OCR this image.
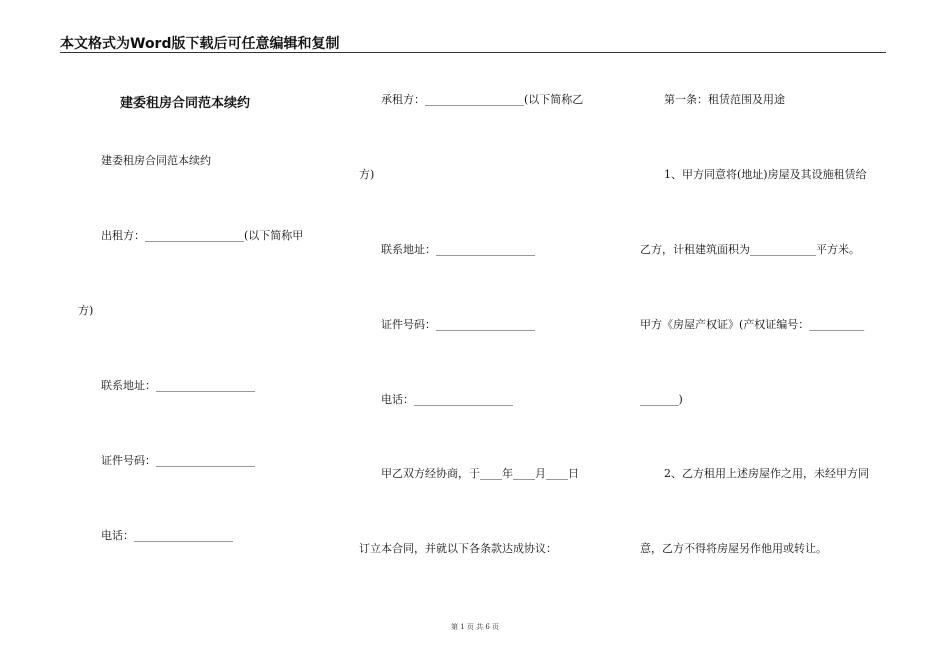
本文格式为Word版下载后可任意编辑和复制
建委租房合同范本续约
建委租房合同范本续约
出租方：__________________(以下简称甲
方)
联系地址：__________________
证件号码：__________________
电话：__________________
承租方：__________________(以下简称乙
方)
联系地址：__________________
证件号码：__________________
电话：__________________
甲乙双方经协商，于____年____月____日
订立本合同，并就以下各条款达成协议：
第一条：租赁范围及用途
1、甲方同意将(地址)房屋及其设施租赁给
乙方，计租建筑面积为____________平方米。
甲方《房屋产权证》(产权证编号：__________
_______)
2、乙方租用上述房屋作之用，未经甲方同
意，乙方不得将房屋另作他用或转让。
第 1 页 共 6 页
